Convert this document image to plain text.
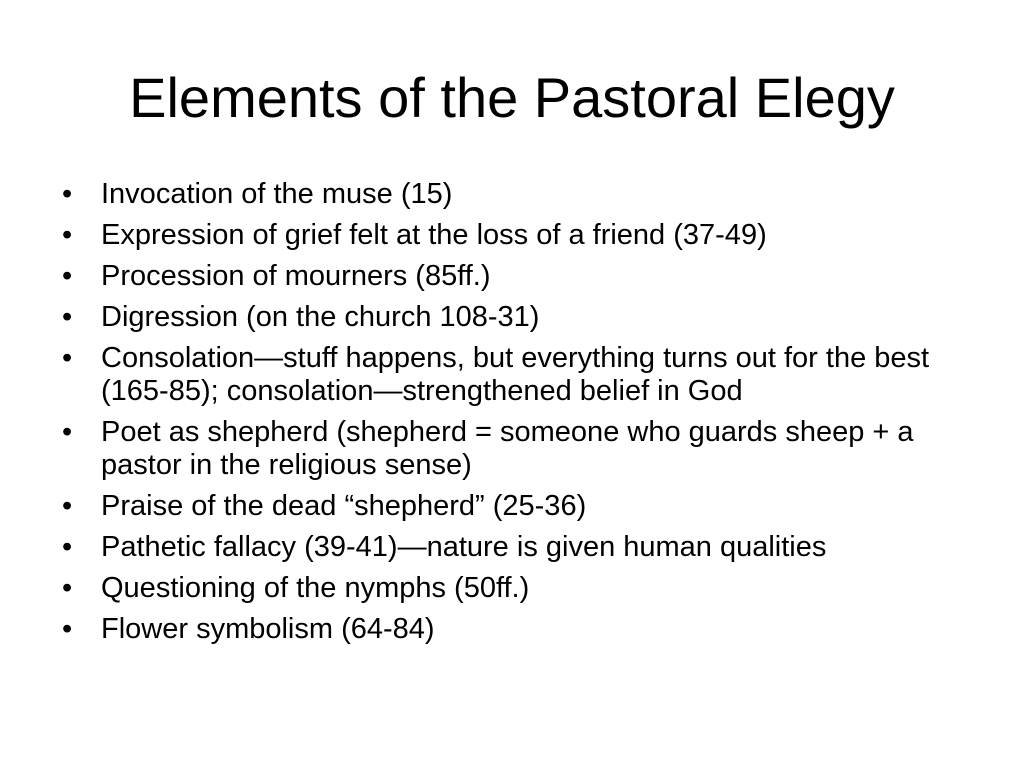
Elements of the Pastoral Elegy
• Invocation of the muse (15)
• Expression of grief felt at the loss of a friend (37-49)
• Procession of mourners (85ff.)
• Digression (on the church 108-31)
• Consolation—stuff happens, but everything turns out for the best (165-85); consolation—strengthened belief in God
• Poet as shepherd (shepherd = someone who guards sheep + a pastor in the religious sense)
• Praise of the dead “shepherd” (25-36)
• Pathetic fallacy (39-41)—nature is given human qualities
• Questioning of the nymphs (50ff.)
• Flower symbolism (64-84)
